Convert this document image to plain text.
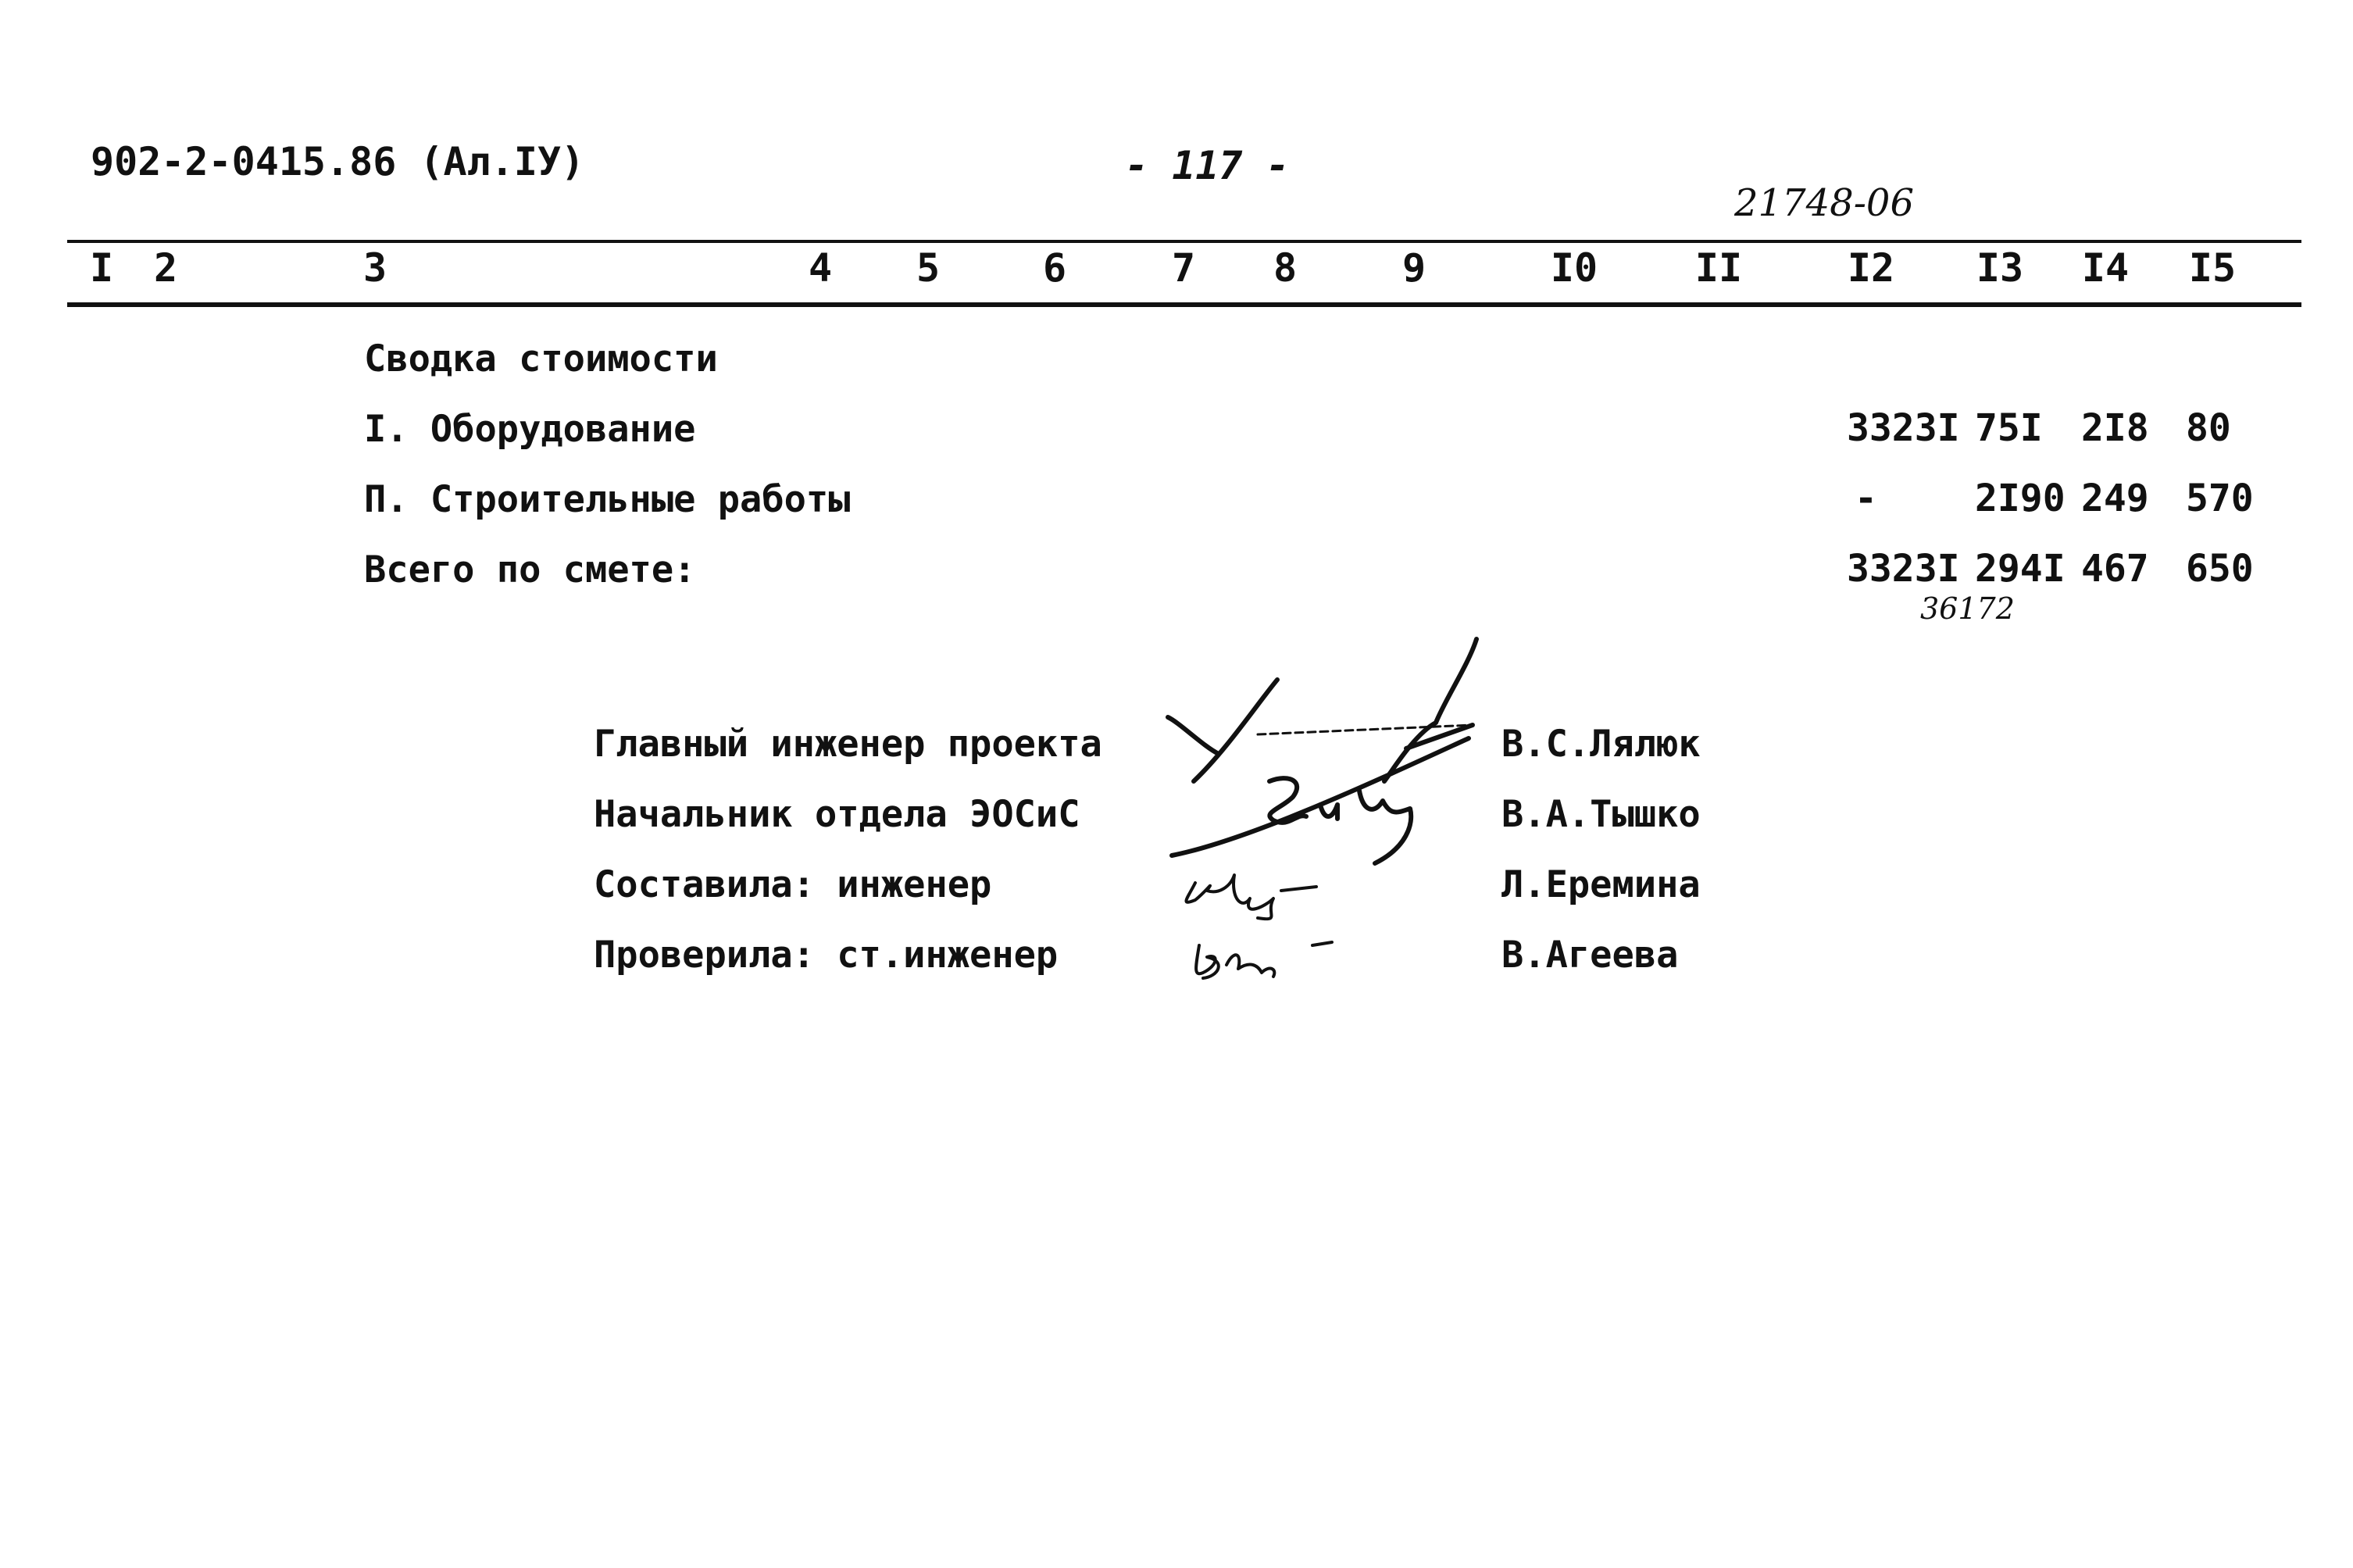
902-2-0415.86 (Ал.IУ)	- 117 -
21748-06
I	2	3	4	5	6	7	8	9	I0	II	I2	I3	I4	I5
Сводка стоимости
I. Оборудование	3323I 75I 2I8 80
П. Строительные работы	-	2I90 249 570
Всего по смете:	3323I 294I 467 650
36172
Главный инженер проекта	В.С.Лялюк
Начальник отдела ЭОСиС	В.А.Тышко
Составила: инженер	Л.Еремина
Проверила: ст.инженер	В.Агеева
